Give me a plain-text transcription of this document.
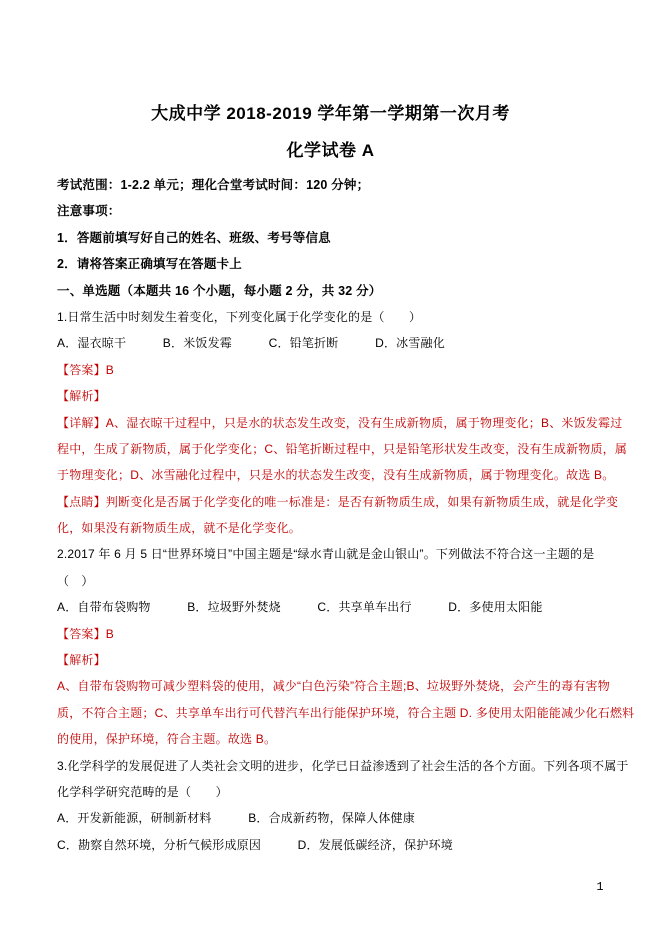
大成中学 2018-2019 学年第一学期第一次月考
化学试卷 A
考试范围：1-2.2 单元；理化合堂考试时间：120 分钟；
注意事项：
1．答题前填写好自己的姓名、班级、考号等信息
2．请将答案正确填写在答题卡上
一、单选题（本题共 16 个小题，每小题 2 分，共 32 分）
1.日常生活中时刻发生着变化，下列变化属于化学变化的是（　　）
A．湿衣晾干　　　B．米饭发霉　　　C．铅笔折断　　　D．冰雪融化
【答案】B
【解析】
【详解】A、湿衣晾干过程中，只是水的状态发生改变，没有生成新物质，属于物理变化；B、米饭发霉过
程中，生成了新物质，属于化学变化；C、铅笔折断过程中，只是铅笔形状发生改变，没有生成新物质，属
于物理变化；D、冰雪融化过程中，只是水的状态发生改变，没有生成新物质，属于物理变化。故选 B。
【点睛】判断变化是否属于化学变化的唯一标准是：是否有新物质生成，如果有新物质生成，就是化学变
化，如果没有新物质生成，就不是化学变化。
2.2017 年 6 月 5 日“世界环境日”中国主题是“绿水青山就是金山银山”。下列做法不符合这一主题的是
（　）
A．自带布袋购物　　　B．垃圾野外焚烧　　　C．共享单车出行　　　D．多使用太阳能
【答案】B
【解析】
A、自带布袋购物可减少塑料袋的使用，减少“白色污染”符合主题;B、垃圾野外焚烧，会产生的毒有害物
质，不符合主题；C、共享单车出行可代替汽车出行能保护环境，符合主题 D. 多使用太阳能能减少化石燃料
的使用，保护环境，符合主题。故选 B。
3.化学科学的发展促进了人类社会文明的进步，化学已日益渗透到了社会生活的各个方面。下列各项不属于
化学科学研究范畴的是（　　）
A．开发新能源，研制新材料　　　B．合成新药物，保障人体健康
C．勘察自然环境，分析气候形成原因　　　D．发展低碳经济，保护环境
1
